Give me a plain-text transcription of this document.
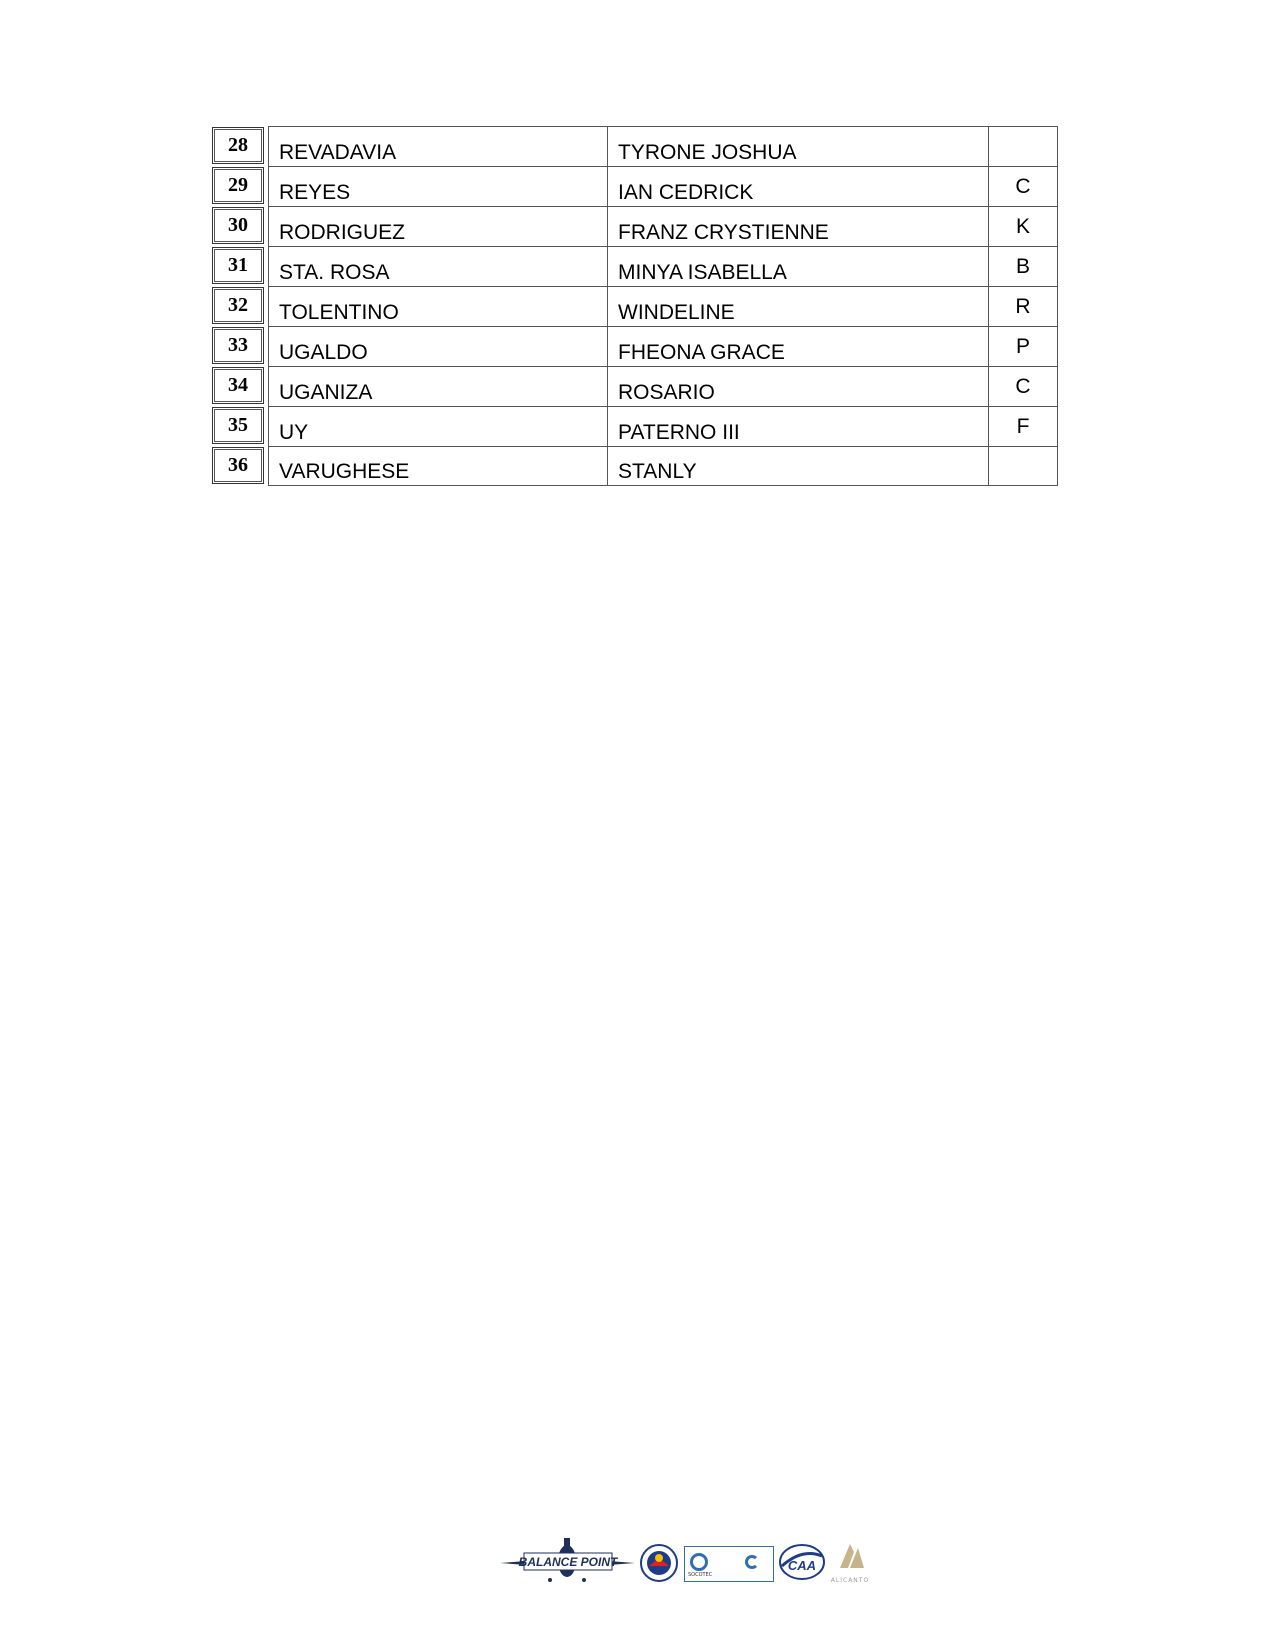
28	REVADAVIA	TYRONE JOSHUA
29	REYES	IAN CEDRICK	C
30	RODRIGUEZ	FRANZ CRYSTIENNE	K
31	STA. ROSA	MINYA ISABELLA	B
32	TOLENTINO	WINDELINE	R
33	UGALDO	FHEONA GRACE	P
34	UGANIZA	ROSARIO	C
35	UY	PATERNO III	F
36	VARUGHESE	STANLY
BALANCE POINT
SOCOTEC
CAA
ALICANTO
